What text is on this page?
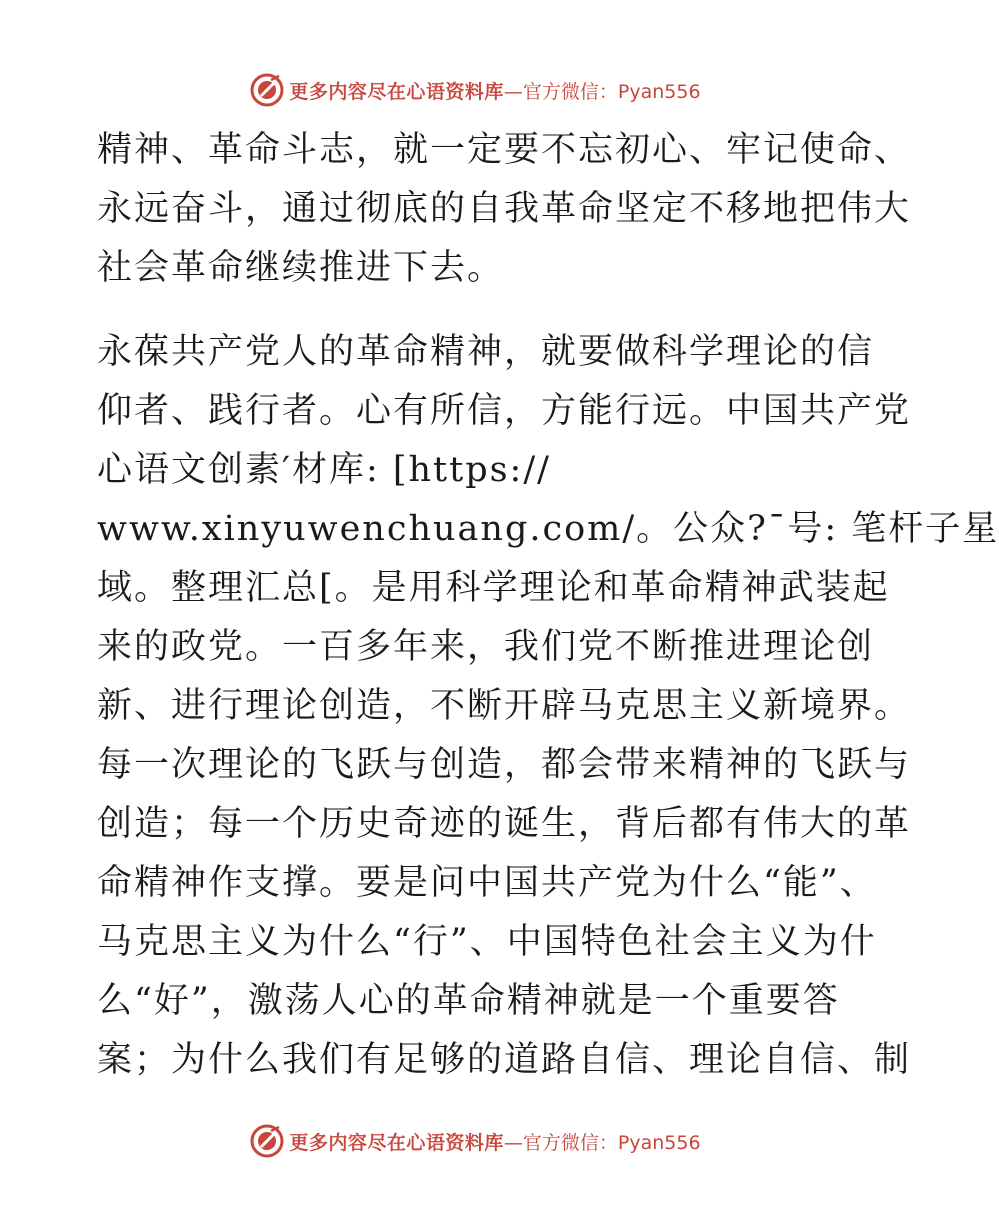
更多内容尽在心语资料库 —官方微信：Pyan556
精神、革命斗志，就一定要不忘初心、牢记使命、
永远奋斗，通过彻底的自我革命坚定不移地把伟大
社会革命继续推进下去。
永葆共产党人的革命精神，就要做科学理论的信
仰者、践行者。心有所信，方能行远。中国共产党
心语文创素′材库: [https://
www.xinyuwenchuang.com/。公众?¯号: 笔杆子星
域。整理汇总[。是用科学理论和革命精神武装起
来的政党。一百多年来，我们党不断推进理论创
新、进行理论创造，不断开辟马克思主义新境界。
每一次理论的飞跃与创造，都会带来精神的飞跃与
创造；每一个历史奇迹的诞生，背后都有伟大的革
命精神作支撑。要是问中国共产党为什么“能”、
马克思主义为什么“行”、中国特色社会主义为什
么“好”，激荡人心的革命精神就是一个重要答
案；为什么我们有足够的道路自信、理论自信、制
更多内容尽在心语资料库 —官方微信：Pyan556
